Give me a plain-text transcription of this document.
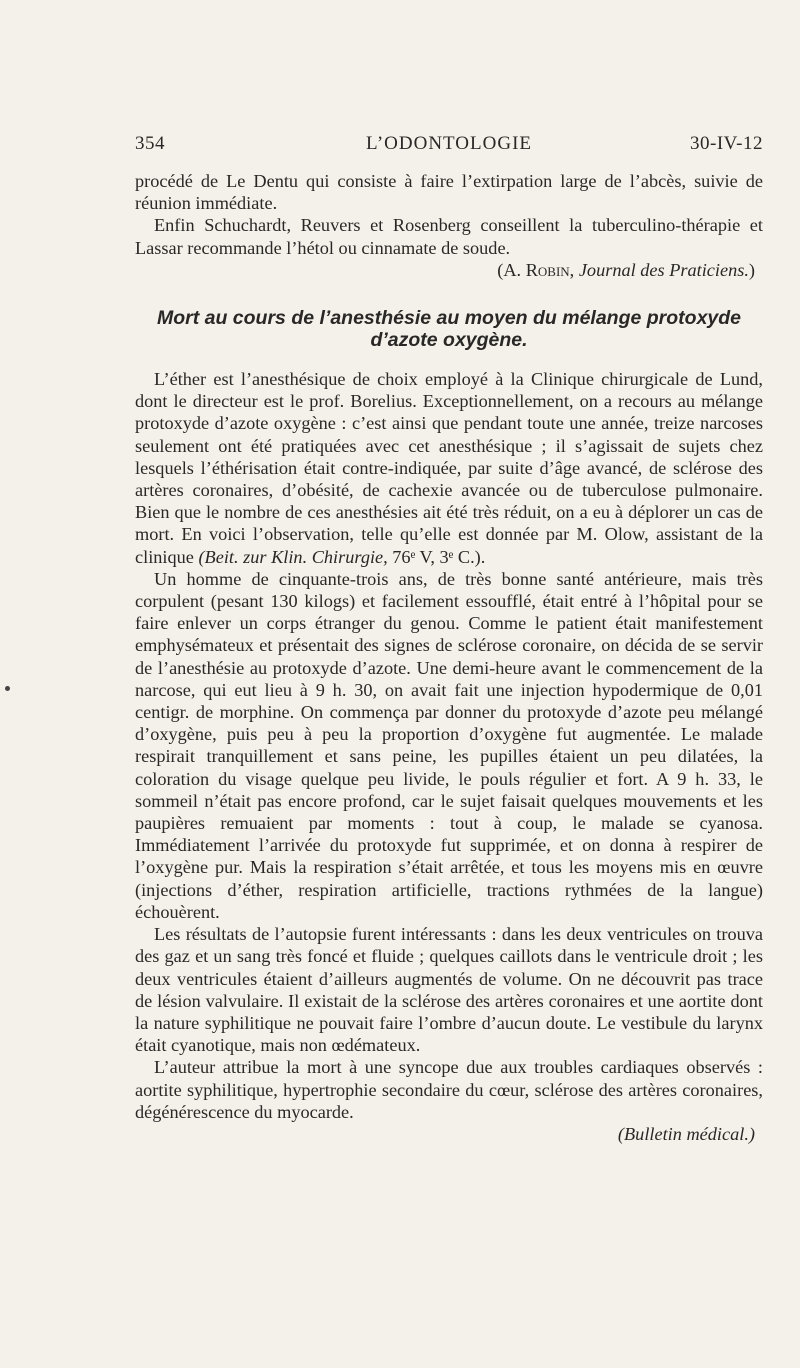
354	L’ODONTOLOGIE	30-IV-12

procédé de Le Dentu qui consiste à faire l’extirpation large de l’abcès, suivie de réunion immédiate.

Enfin Schuchardt, Reuvers et Rosenberg conseillent la tuberculino-thérapie et Lassar recommande l’hétol ou cinnamate de soude.

(A. Robin, Journal des Praticiens.)

Mort au cours de l’anesthésie au moyen du mélange protoxyde d’azote oxygène.

L’éther est l’anesthésique de choix employé à la Clinique chirurgicale de Lund, dont le directeur est le prof. Borelius. Exceptionnellement, on a recours au mélange protoxyde d’azote oxygène : c’est ainsi que pendant toute une année, treize narcoses seulement ont été pratiquées avec cet anesthésique ; il s’agissait de sujets chez lesquels l’éthérisation était contre-indiquée, par suite d’âge avancé, de sclérose des artères coronaires, d’obésité, de cachexie avancée ou de tuberculose pulmonaire. Bien que le nombre de ces anesthésies ait été très réduit, on a eu à déplorer un cas de mort. En voici l’observation, telle qu’elle est donnée par M. Olow, assistant de la clinique (Beit. zur Klin. Chirurgie, 76ᵉ V, 3ᵉ C.).

Un homme de cinquante-trois ans, de très bonne santé antérieure, mais très corpulent (pesant 130 kilogs) et facilement essoufflé, était entré à l’hôpital pour se faire enlever un corps étranger du genou. Comme le patient était manifestement emphysémateux et présentait des signes de sclérose coronaire, on décida de se servir de l’anesthésie au protoxyde d’azote. Une demi-heure avant le commencement de la narcose, qui eut lieu à 9 h. 30, on avait fait une injection hypodermique de 0,01 centigr. de morphine. On commença par donner du protoxyde d’azote peu mélangé d’oxygène, puis peu à peu la proportion d’oxygène fut augmentée. Le malade respirait tranquillement et sans peine, les pupilles étaient un peu dilatées, la coloration du visage quelque peu livide, le pouls régulier et fort. A 9 h. 33, le sommeil n’était pas encore profond, car le sujet faisait quelques mouvements et les paupières remuaient par moments : tout à coup, le malade se cyanosa. Immédiatement l’arrivée du protoxyde fut supprimée, et on donna à respirer de l’oxygène pur. Mais la respiration s’était arrêtée, et tous les moyens mis en œuvre (injections d’éther, respiration artificielle, tractions rythmées de la langue) échouèrent.

Les résultats de l’autopsie furent intéressants : dans les deux ventricules on trouva des gaz et un sang très foncé et fluide ; quelques caillots dans le ventricule droit ; les deux ventricules étaient d’ailleurs augmentés de volume. On ne découvrit pas trace de lésion valvulaire. Il existait de la sclérose des artères coronaires et une aortite dont la nature syphilitique ne pouvait faire l’ombre d’aucun doute. Le vestibule du larynx était cyanotique, mais non œdémateux.

L’auteur attribue la mort à une syncope due aux troubles cardiaques observés : aortite syphilitique, hypertrophie secondaire du cœur, sclérose des artères coronaires, dégénérescence du myocarde.

(Bulletin médical.)
